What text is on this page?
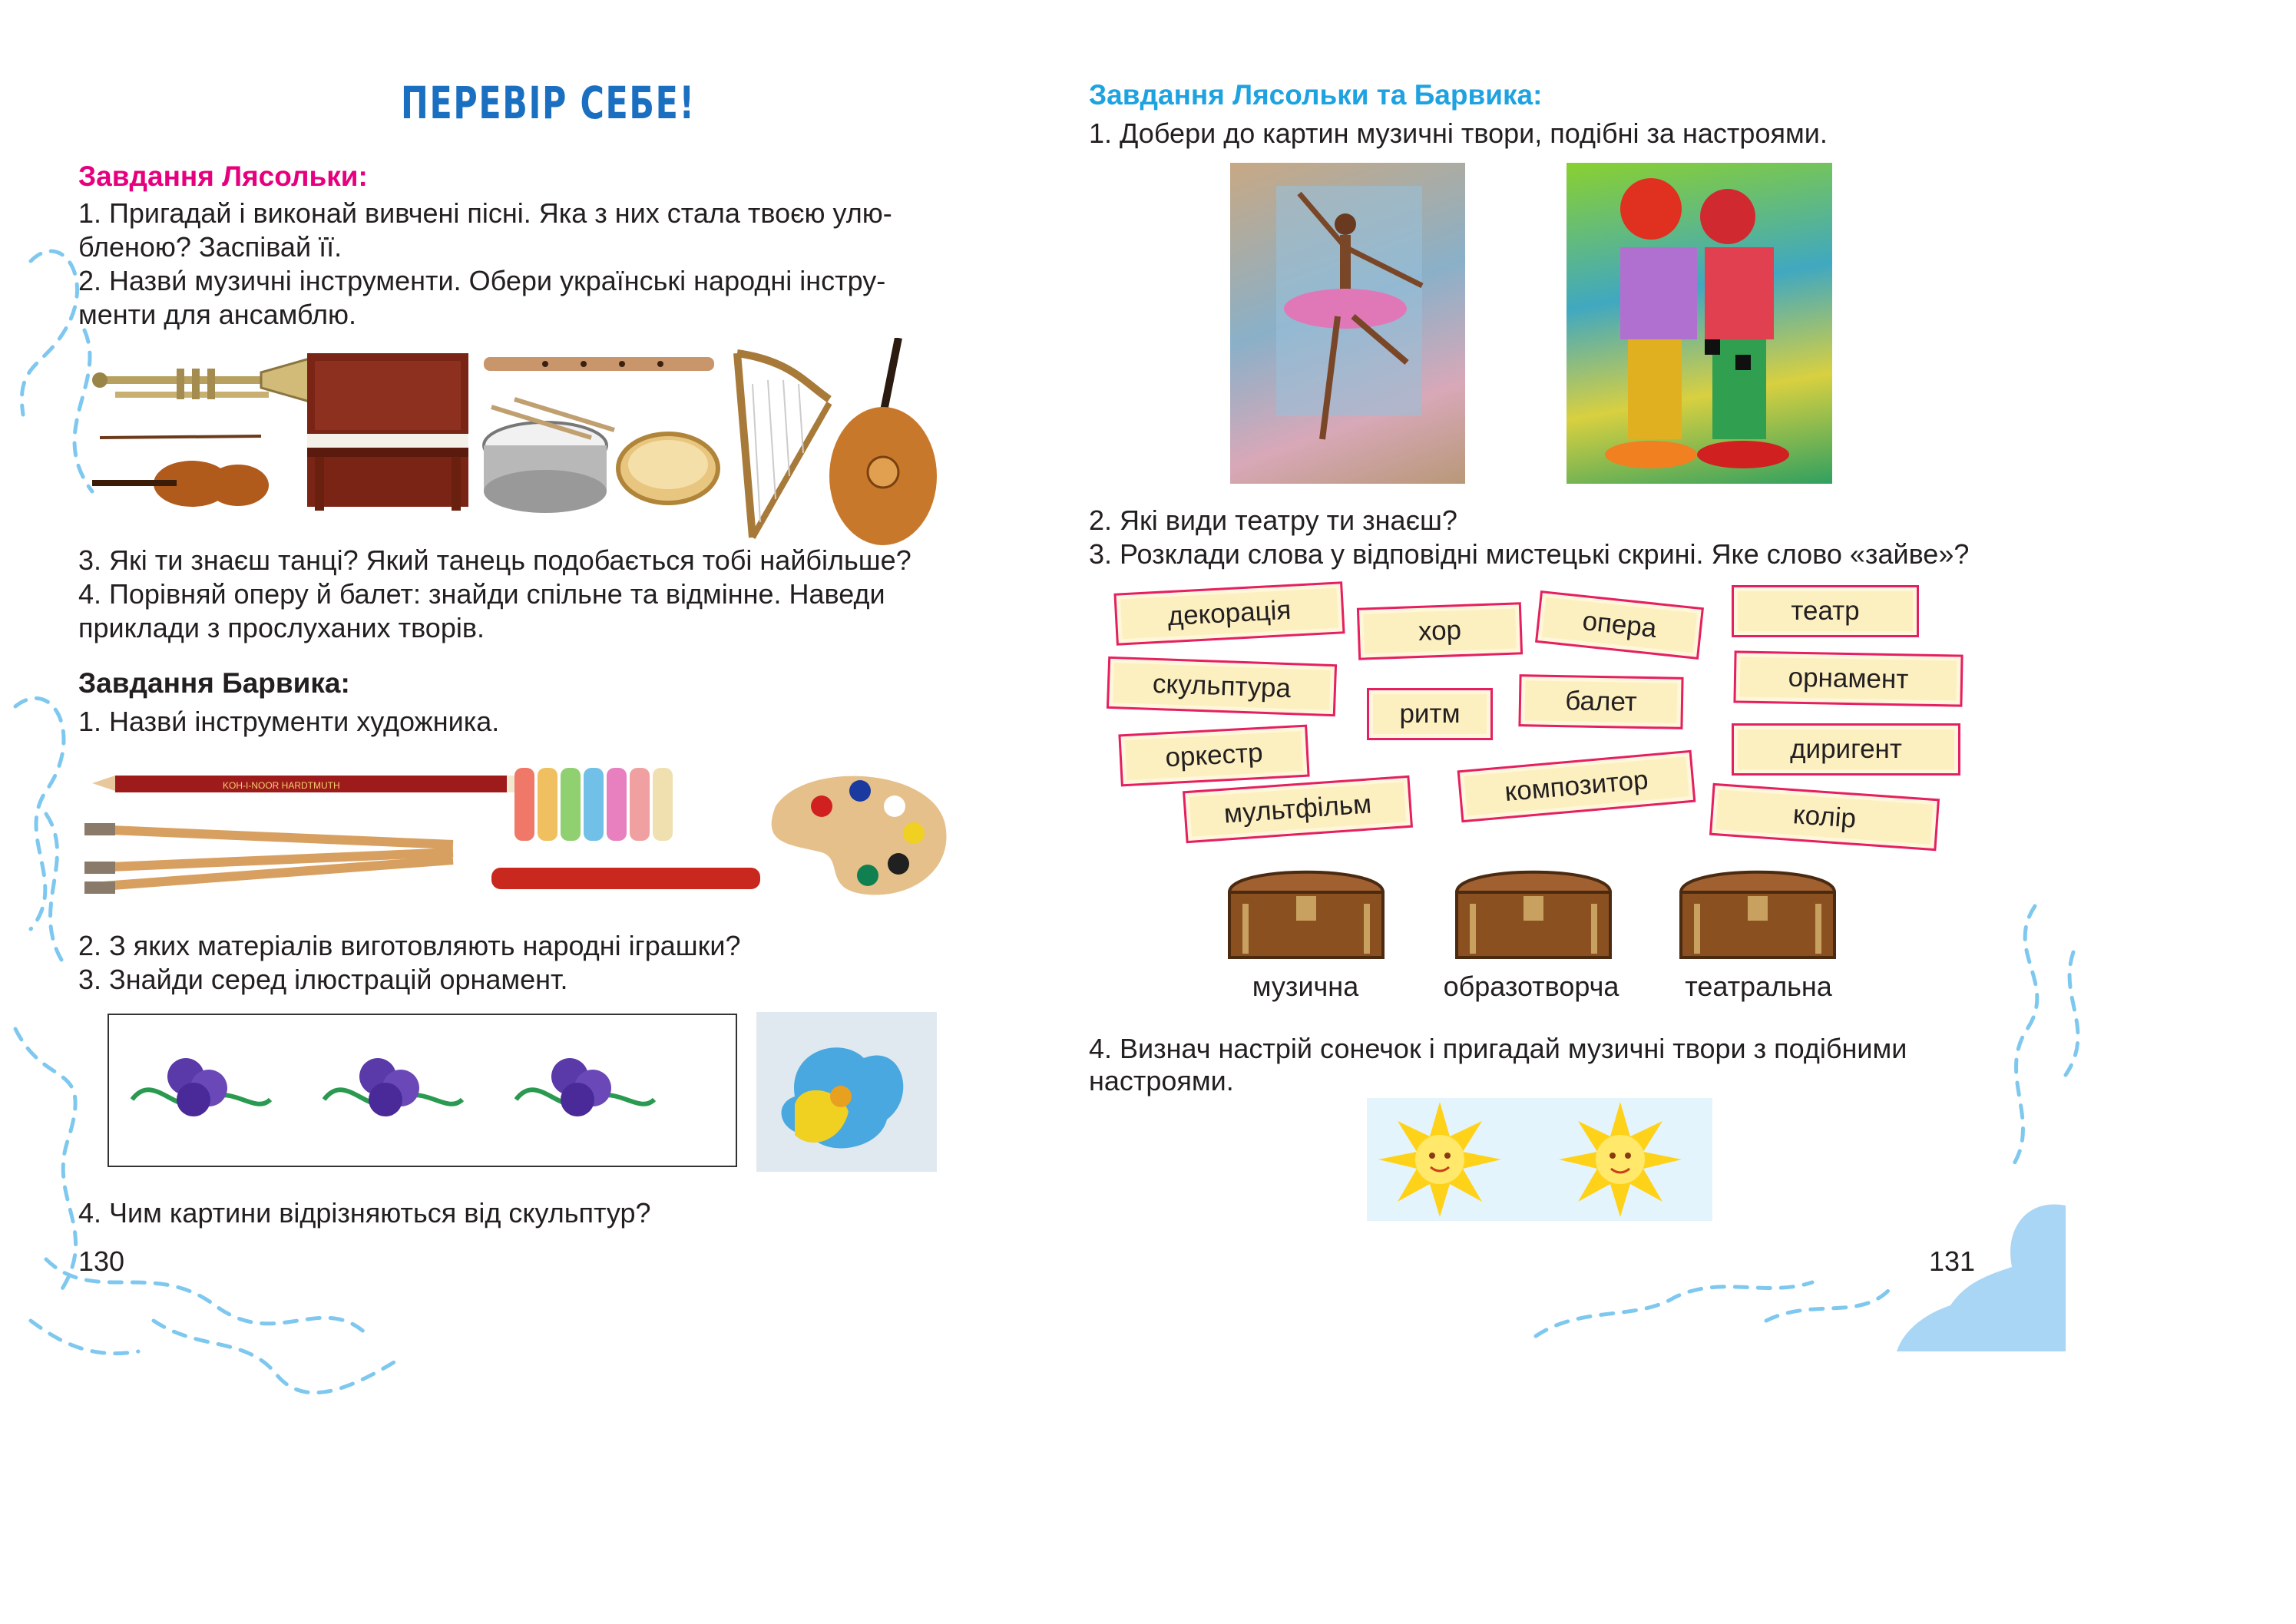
ПЕРЕВІР СЕБЕ!
Завдання Лясольки:
1. Пригадай і виконай вивчені пісні. Яка з них стала твоєю улю-
бленою? Заспівай її.
2. Назви́ музичні інструменти. Обери українські народні інстру-
менти для ансамблю.
3. Які ти знаєш танці? Який танець подобається тобі найбільше?
4. Порівняй оперу й балет: знайди спільне та відмінне. Наведи
приклади з прослуханих творів.
Завдання Барвика:
1. Назви́ інструменти художника.
KOH-I-NOOR HARDTMUTH
2. З яких матеріалів виготовляють народні іграшки?
3. Знайди серед ілюстрацій орнамент.
4. Чим картини відрізняються від скульптур?
130
Завдання Лясольки та Барвика:
1. Добери до картин музичні твори, подібні за настроями.
2. Які види театру ти знаєш?
3. Розклади слова у відповідні мистецькі скрині. Яке слово «зайве»?
декорація	хор	опера	театр
скульптура
ритм	балет
орнамент
оркестр
композитор
диригент
мультфільм	колір
музична	образотворча	театральна
4. Визнач настрій сонечок і пригадай музичні твори з подібними
настроями.
131
